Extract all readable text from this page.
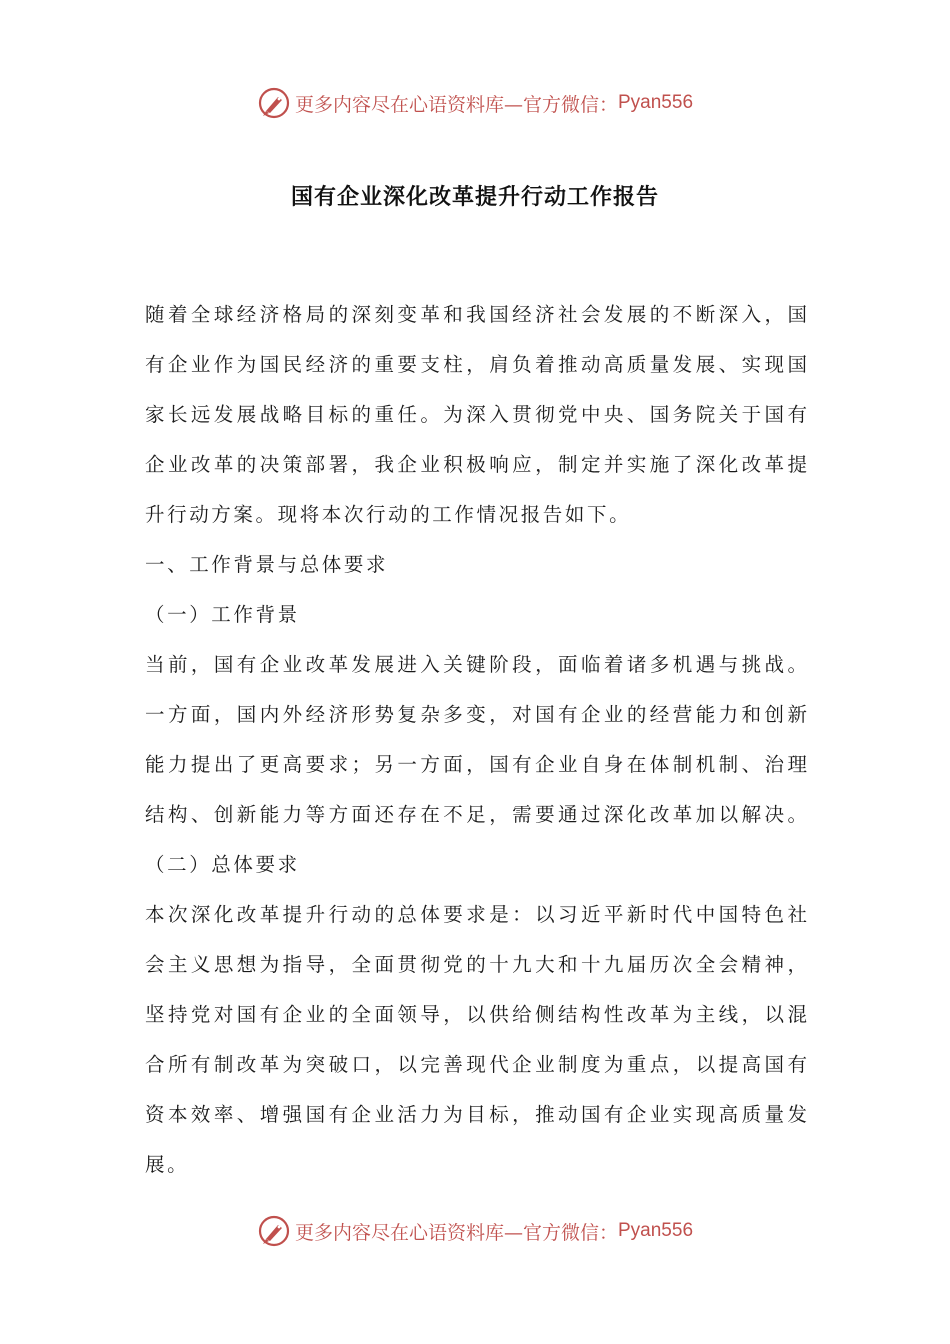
更多内容尽在心语资料库—官方微信： Pyan556
国有企业深化改革提升行动工作报告
随着全球经济格局的深刻变革和我国经济社会发展的不断深入，国
有企业作为国民经济的重要支柱，肩负着推动高质量发展、实现国
家长远发展战略目标的重任。为深入贯彻党中央、国务院关于国有
企业改革的决策部署，我企业积极响应，制定并实施了深化改革提
升行动方案。现将本次行动的工作情况报告如下。
一、工作背景与总体要求
（一）工作背景
当前，国有企业改革发展进入关键阶段，面临着诸多机遇与挑战。
一方面，国内外经济形势复杂多变，对国有企业的经营能力和创新
能力提出了更高要求；另一方面，国有企业自身在体制机制、治理
结构、创新能力等方面还存在不足，需要通过深化改革加以解决。
（二）总体要求
本次深化改革提升行动的总体要求是：以习近平新时代中国特色社
会主义思想为指导，全面贯彻党的十九大和十九届历次全会精神，
坚持党对国有企业的全面领导，以供给侧结构性改革为主线，以混
合所有制改革为突破口，以完善现代企业制度为重点，以提高国有
资本效率、增强国有企业活力为目标，推动国有企业实现高质量发
展。
更多内容尽在心语资料库—官方微信： Pyan556
